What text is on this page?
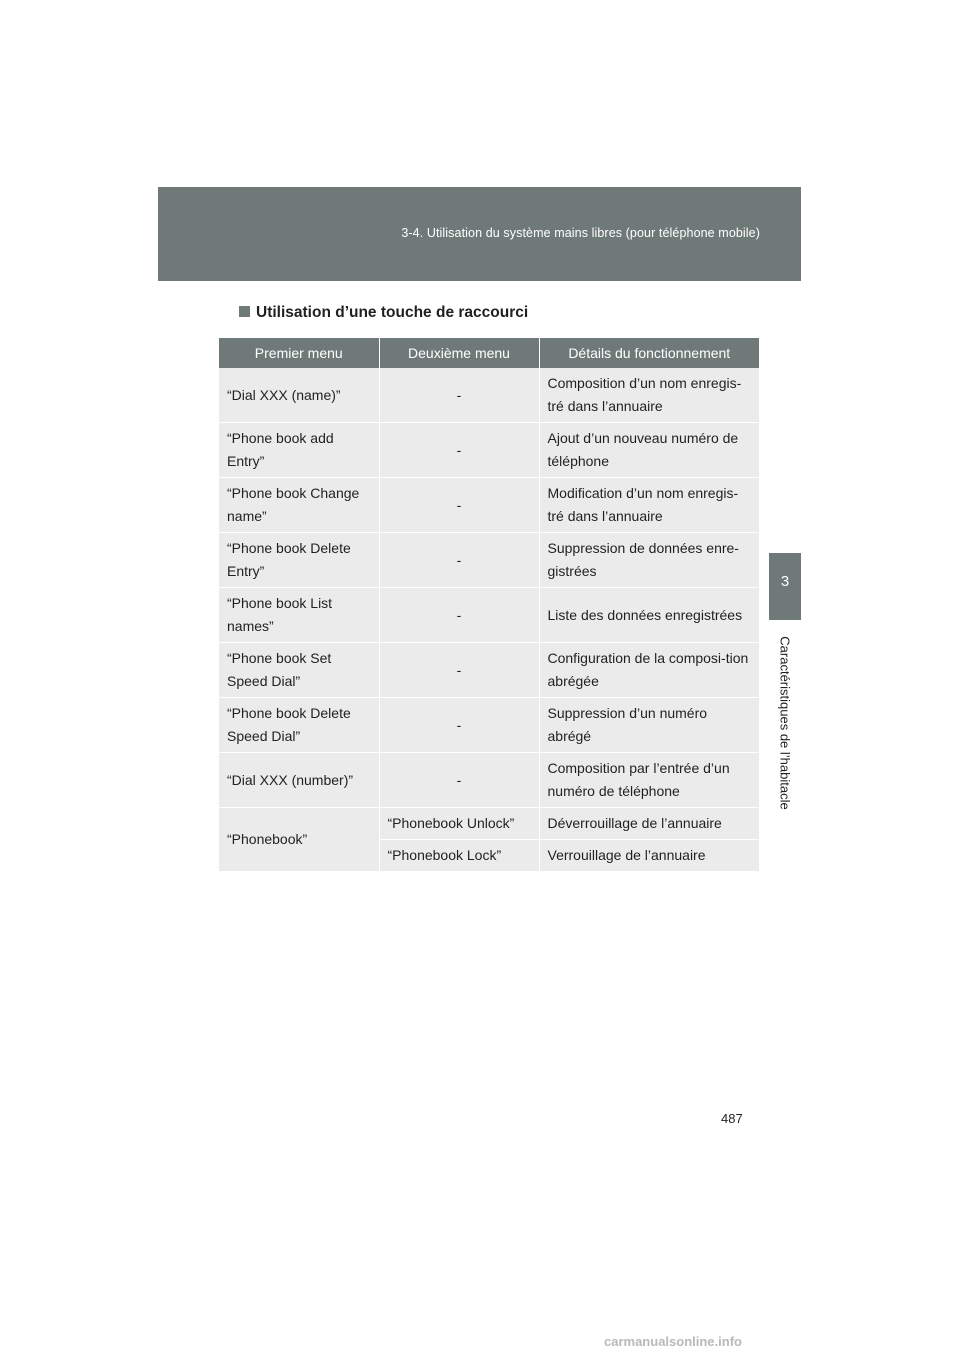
3-4. Utilisation du système mains libres (pour téléphone mobile)
3
Caractéristiques de l’habitacle
Utilisation d’une touche de raccourci
Premier menu	Deuxième menu	Détails du fonctionnement
“Dial XXX (name)”	-	Composition d’un nom enregis-tré dans l’annuaire
“Phone book add Entry”	-	Ajout d’un nouveau numéro de téléphone
“Phone book Change name”	-	Modification d’un nom enregis-tré dans l’annuaire
“Phone book Delete Entry”	-	Suppression de données enre-gistrées
“Phone book List names”	-	Liste des données enregistrées
“Phone book Set Speed Dial”	-	Configuration de la composi-tion abrégée
“Phone book Delete Speed Dial”	-	Suppression d’un numéro abrégé
“Dial XXX (number)”	-	Composition par l’entrée d’un numéro de téléphone
“Phonebook”	“Phonebook Unlock”	Déverrouillage de l’annuaire
	“Phonebook Lock”	Verrouillage de l’annuaire
487
carmanualsonline.info
